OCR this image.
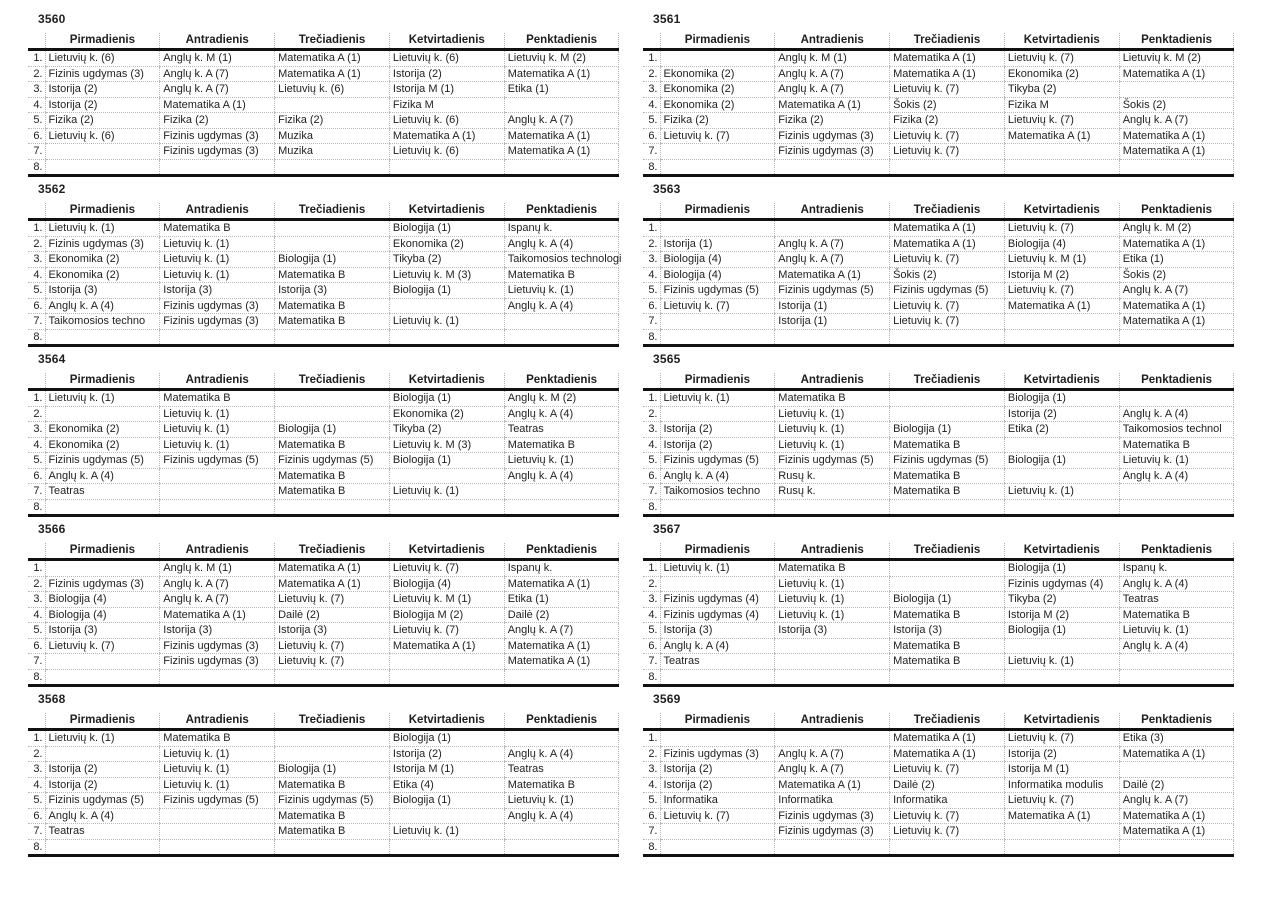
3560
	Pirmadienis	Antradienis	Trečiadienis	Ketvirtadienis	Penktadienis
1.	Lietuvių k. (6)	Anglų k. M (1)	Matematika A (1)	Lietuvių k. (6)	Lietuvių k. M (2)
2.	Fizinis ugdymas (3)	Anglų k. A (7)	Matematika A (1)	Istorija (2)	Matematika A (1)
3.	Istorija (2)	Anglų k. A (7)	Lietuvių k. (6)	Istorija M (1)	Etika (1)
4.	Istorija (2)	Matematika A (1)		Fizika M	
5.	Fizika (2)	Fizika (2)	Fizika (2)	Lietuvių k. (6)	Anglų k. A (7)
6.	Lietuvių k. (6)	Fizinis ugdymas (3)	Muzika	Matematika A (1)	Matematika A (1)
7.		Fizinis ugdymas (3)	Muzika	Lietuvių k. (6)	Matematika A (1)
8.					
3561
	Pirmadienis	Antradienis	Trečiadienis	Ketvirtadienis	Penktadienis
1.		Anglų k. M (1)	Matematika A (1)	Lietuvių k. (7)	Lietuvių k. M (2)
2.	Ekonomika (2)	Anglų k. A (7)	Matematika A (1)	Ekonomika (2)	Matematika A (1)
3.	Ekonomika (2)	Anglų k. A (7)	Lietuvių k. (7)	Tikyba (2)	
4.	Ekonomika (2)	Matematika A (1)	Šokis (2)	Fizika M	Šokis (2)
5.	Fizika (2)	Fizika (2)	Fizika (2)	Lietuvių k. (7)	Anglų k. A (7)
6.	Lietuvių k. (7)	Fizinis ugdymas (3)	Lietuvių k. (7)	Matematika A (1)	Matematika A (1)
7.		Fizinis ugdymas (3)	Lietuvių k. (7)		Matematika A (1)
8.					
3562
	Pirmadienis	Antradienis	Trečiadienis	Ketvirtadienis	Penktadienis
1.	Lietuvių k. (1)	Matematika B		Biologija (1)	Ispanų k.
2.	Fizinis ugdymas (3)	Lietuvių k. (1)		Ekonomika (2)	Anglų k. A (4)
3.	Ekonomika (2)	Lietuvių k. (1)	Biologija (1)	Tikyba (2)	Taikomosios technologi
4.	Ekonomika (2)	Lietuvių k. (1)	Matematika B	Lietuvių k. M (3)	Matematika B
5.	Istorija (3)	Istorija (3)	Istorija (3)	Biologija (1)	Lietuvių k. (1)
6.	Anglų k. A (4)	Fizinis ugdymas (3)	Matematika B		Anglų k. A (4)
7.	Taikomosios techno	Fizinis ugdymas (3)	Matematika B	Lietuvių k. (1)	
8.					
3563
	Pirmadienis	Antradienis	Trečiadienis	Ketvirtadienis	Penktadienis
1.			Matematika A (1)	Lietuvių k. (7)	Anglų k. M (2)
2.	Istorija (1)	Anglų k. A (7)	Matematika A (1)	Biologija (4)	Matematika A (1)
3.	Biologija (4)	Anglų k. A (7)	Lietuvių k. (7)	Lietuvių k. M (1)	Etika (1)
4.	Biologija (4)	Matematika A (1)	Šokis (2)	Istorija M (2)	Šokis (2)
5.	Fizinis ugdymas (5)	Fizinis ugdymas (5)	Fizinis ugdymas (5)	Lietuvių k. (7)	Anglų k. A (7)
6.	Lietuvių k. (7)	Istorija (1)	Lietuvių k. (7)	Matematika A (1)	Matematika A (1)
7.		Istorija (1)	Lietuvių k. (7)		Matematika A (1)
8.					
3564
	Pirmadienis	Antradienis	Trečiadienis	Ketvirtadienis	Penktadienis
1.	Lietuvių k. (1)	Matematika B		Biologija (1)	Anglų k. M (2)
2.		Lietuvių k. (1)		Ekonomika (2)	Anglų k. A (4)
3.	Ekonomika (2)	Lietuvių k. (1)	Biologija (1)	Tikyba (2)	Teatras
4.	Ekonomika (2)	Lietuvių k. (1)	Matematika B	Lietuvių k. M (3)	Matematika B
5.	Fizinis ugdymas (5)	Fizinis ugdymas (5)	Fizinis ugdymas (5)	Biologija (1)	Lietuvių k. (1)
6.	Anglų k. A (4)		Matematika B		Anglų k. A (4)
7.	Teatras		Matematika B	Lietuvių k. (1)	
8.					
3565
	Pirmadienis	Antradienis	Trečiadienis	Ketvirtadienis	Penktadienis
1.	Lietuvių k. (1)	Matematika B		Biologija (1)	
2.		Lietuvių k. (1)		Istorija (2)	Anglų k. A (4)
3.	Istorija (2)	Lietuvių k. (1)	Biologija (1)	Etika (2)	Taikomosios technol
4.	Istorija (2)	Lietuvių k. (1)	Matematika B		Matematika B
5.	Fizinis ugdymas (5)	Fizinis ugdymas (5)	Fizinis ugdymas (5)	Biologija (1)	Lietuvių k. (1)
6.	Anglų k. A (4)	Rusų k.	Matematika B		Anglų k. A (4)
7.	Taikomosios techno	Rusų k.	Matematika B	Lietuvių k. (1)	
8.					
3566
	Pirmadienis	Antradienis	Trečiadienis	Ketvirtadienis	Penktadienis
1.		Anglų k. M (1)	Matematika A (1)	Lietuvių k. (7)	Ispanų k.
2.	Fizinis ugdymas (3)	Anglų k. A (7)	Matematika A (1)	Biologija (4)	Matematika A (1)
3.	Biologija (4)	Anglų k. A (7)	Lietuvių k. (7)	Lietuvių k. M (1)	Etika (1)
4.	Biologija (4)	Matematika A (1)	Dailė (2)	Biologija M (2)	Dailė (2)
5.	Istorija (3)	Istorija (3)	Istorija (3)	Lietuvių k. (7)	Anglų k. A (7)
6.	Lietuvių k. (7)	Fizinis ugdymas (3)	Lietuvių k. (7)	Matematika A (1)	Matematika A (1)
7.		Fizinis ugdymas (3)	Lietuvių k. (7)		Matematika A (1)
8.					
3567
	Pirmadienis	Antradienis	Trečiadienis	Ketvirtadienis	Penktadienis
1.	Lietuvių k. (1)	Matematika B		Biologija (1)	Ispanų k.
2.		Lietuvių k. (1)		Fizinis ugdymas (4)	Anglų k. A (4)
3.	Fizinis ugdymas (4)	Lietuvių k. (1)	Biologija (1)	Tikyba (2)	Teatras
4.	Fizinis ugdymas (4)	Lietuvių k. (1)	Matematika B	Istorija M (2)	Matematika B
5.	Istorija (3)	Istorija (3)	Istorija (3)	Biologija (1)	Lietuvių k. (1)
6.	Anglų k. A (4)		Matematika B		Anglų k. A (4)
7.	Teatras		Matematika B	Lietuvių k. (1)	
8.					
3568
	Pirmadienis	Antradienis	Trečiadienis	Ketvirtadienis	Penktadienis
1.	Lietuvių k. (1)	Matematika B		Biologija (1)	
2.		Lietuvių k. (1)		Istorija (2)	Anglų k. A (4)
3.	Istorija (2)	Lietuvių k. (1)	Biologija (1)	Istorija M (1)	Teatras
4.	Istorija (2)	Lietuvių k. (1)	Matematika B	Etika (4)	Matematika B
5.	Fizinis ugdymas (5)	Fizinis ugdymas (5)	Fizinis ugdymas (5)	Biologija (1)	Lietuvių k. (1)
6.	Anglų k. A (4)		Matematika B		Anglų k. A (4)
7.	Teatras		Matematika B	Lietuvių k. (1)	
8.					
3569
	Pirmadienis	Antradienis	Trečiadienis	Ketvirtadienis	Penktadienis
1.			Matematika A (1)	Lietuvių k. (7)	Etika (3)
2.	Fizinis ugdymas (3)	Anglų k. A (7)	Matematika A (1)	Istorija (2)	Matematika A (1)
3.	Istorija (2)	Anglų k. A (7)	Lietuvių k. (7)	Istorija M (1)	
4.	Istorija (2)	Matematika A (1)	Dailė (2)	Informatika modulis	Dailė (2)
5.	Informatika	Informatika	Informatika	Lietuvių k. (7)	Anglų k. A (7)
6.	Lietuvių k. (7)	Fizinis ugdymas (3)	Lietuvių k. (7)	Matematika A (1)	Matematika A (1)
7.		Fizinis ugdymas (3)	Lietuvių k. (7)		Matematika A (1)
8.					
